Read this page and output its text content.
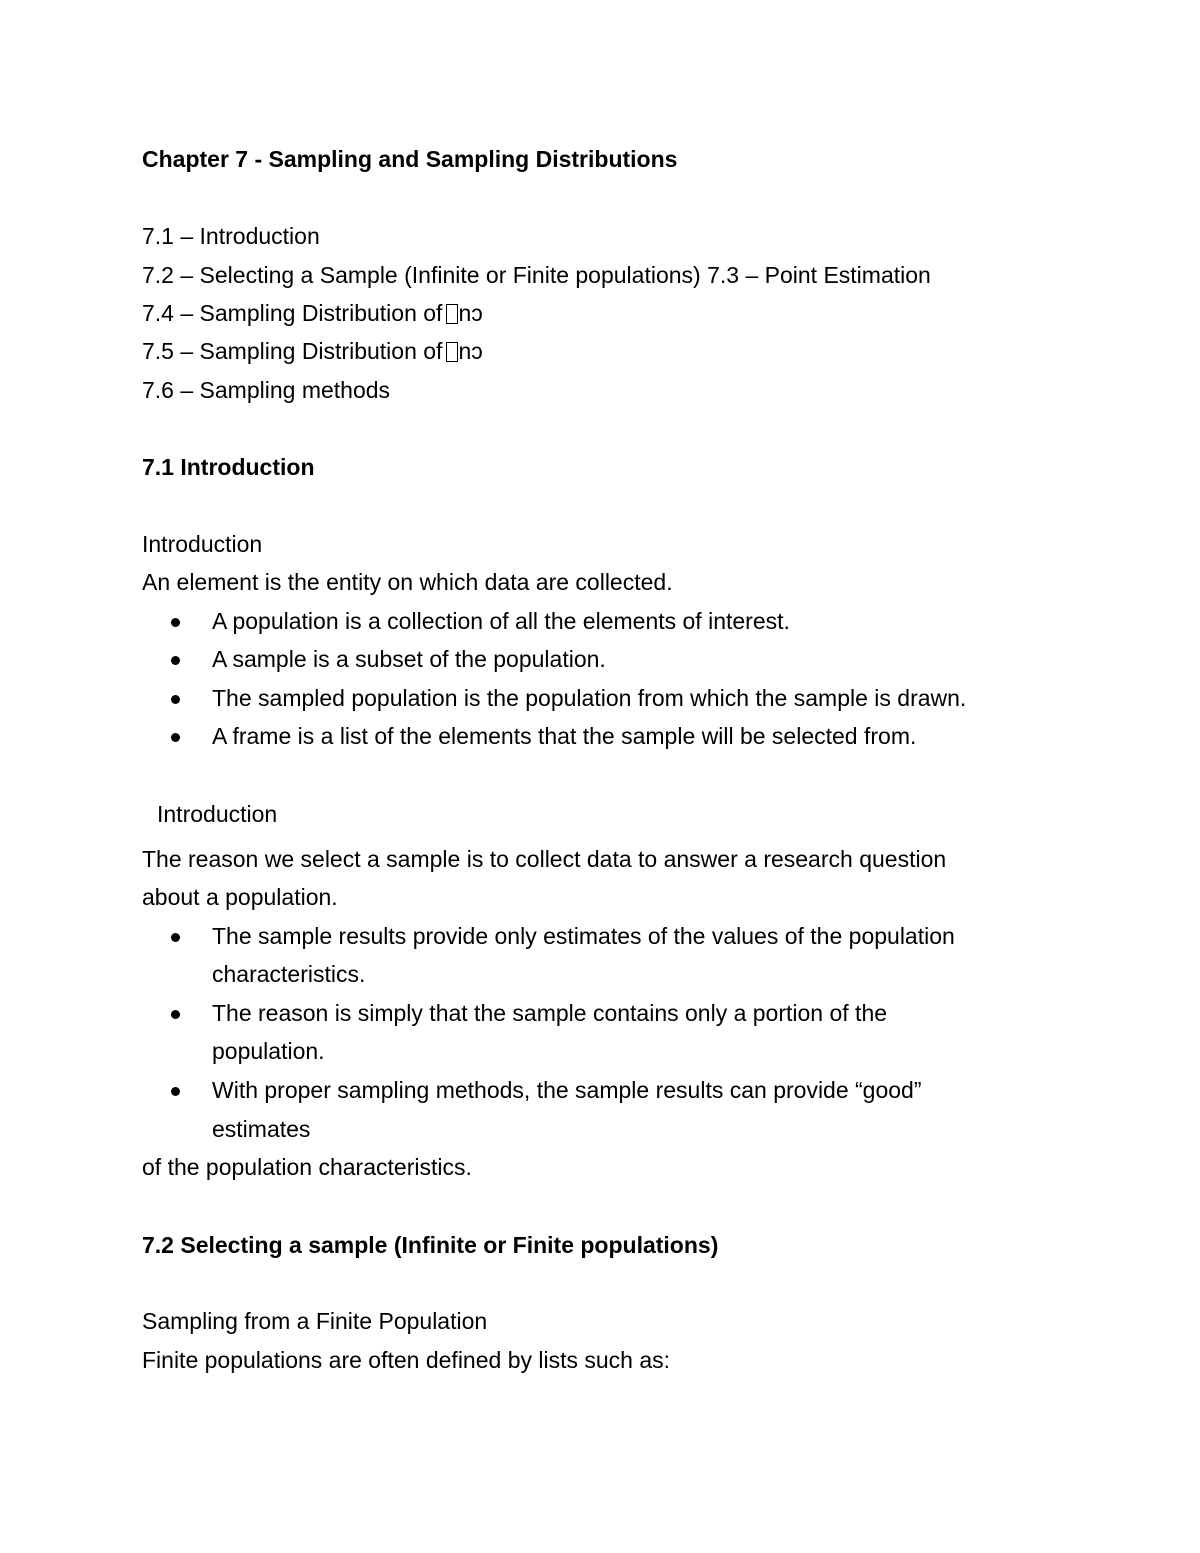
Chapter 7 - Sampling and Sampling Distributions
7.1 – Introduction
7.2 – Selecting a Sample (Infinite or Finite populations) 7.3 – Point Estimation
7.4 – Sampling Distribution of nↄ
7.5 – Sampling Distribution of nↄ
7.6 – Sampling methods
7.1 Introduction
Introduction
An element is the entity on which data are collected.
A population is a collection of all the elements of interest.
A sample is a subset of the population.
The sampled population is the population from which the sample is drawn.
A frame is a list of the elements that the sample will be selected from.
Introduction
The reason we select a sample is to collect data to answer a research question
about a population.
The sample results provide only estimates of the values of the population
characteristics.
The reason is simply that the sample contains only a portion of the
population.
With proper sampling methods, the sample results can provide “good”
estimates
of the population characteristics.
7.2 Selecting a sample (Infinite or Finite populations)
Sampling from a Finite Population
Finite populations are often defined by lists such as:
